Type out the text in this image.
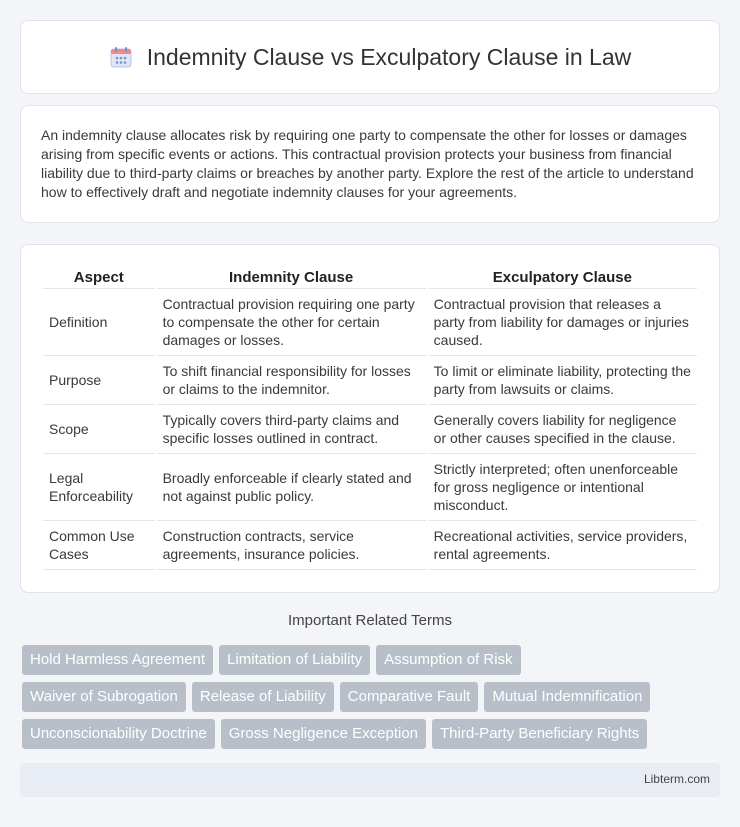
Indemnity Clause vs Exculpatory Clause in Law

An indemnity clause allocates risk by requiring one party to compensate the other for losses or damages arising from specific events or actions. This contractual provision protects your business from financial liability due to third-party claims or breaches by another party. Explore the rest of the article to understand how to effectively draft and negotiate indemnity clauses for your agreements.

Aspect	Indemnity Clause	Exculpatory Clause
Definition	Contractual provision requiring one party to compensate the other for certain damages or losses.	Contractual provision that releases a party from liability for damages or injuries caused.
Purpose	To shift financial responsibility for losses or claims to the indemnitor.	To limit or eliminate liability, protecting the party from lawsuits or claims.
Scope	Typically covers third-party claims and specific losses outlined in contract.	Generally covers liability for negligence or other causes specified in the clause.
Legal Enforceability	Broadly enforceable if clearly stated and not against public policy.	Strictly interpreted; often unenforceable for gross negligence or intentional misconduct.
Common Use Cases	Construction contracts, service agreements, insurance policies.	Recreational activities, service providers, rental agreements.
Important Related Terms
Hold Harmless Agreement Limitation of Liability Assumption of Risk
Waiver of Subrogation Release of Liability Comparative Fault Mutual Indemnification
Unconscionability Doctrine Gross Negligence Exception Third-Party Beneficiary Rights
Libterm.com
